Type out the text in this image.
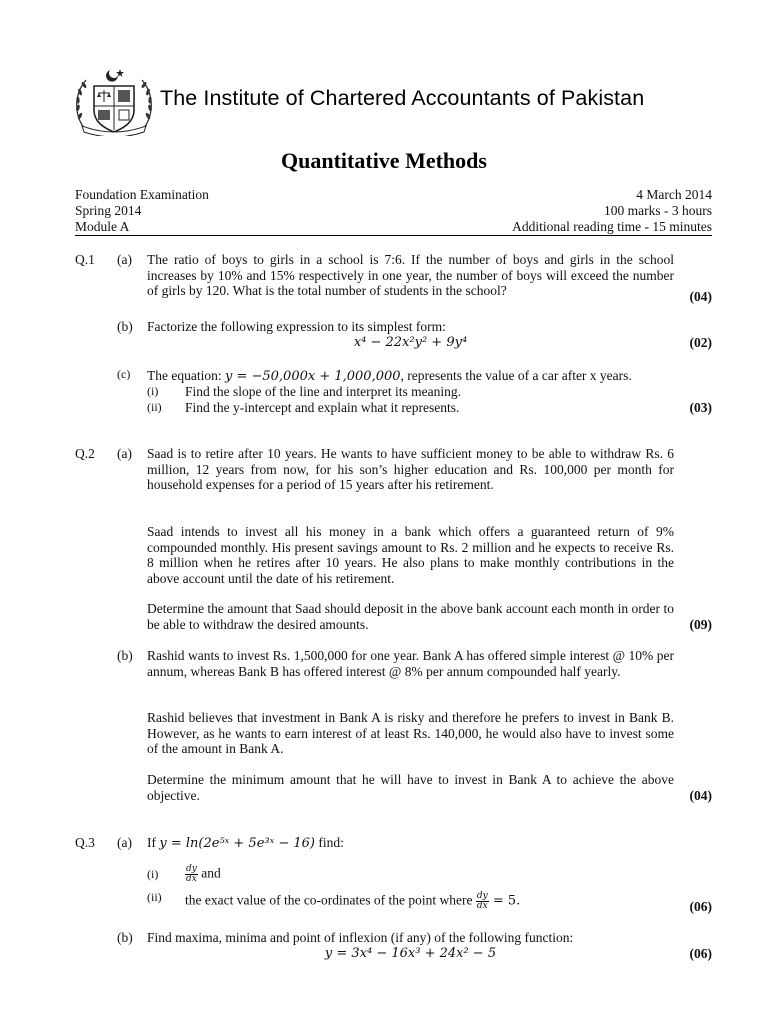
The Institute of Chartered Accountants of Pakistan
Quantitative Methods
Foundation Examination	4 March 2014
Spring 2014	100 marks - 3 hours
Module A	Additional reading time - 15 minutes
Q.1 (a) The ratio of boys to girls in a school is 7:6. If the number of boys and girls in the school increases by 10% and 15% respectively in one year, the number of boys will exceed the number of girls by 120. What is the total number of students in the school?	(04)
(b) Factorize the following expression to its simplest form:
x⁴ − 22x²y² + 9y⁴	(02)
(c) The equation: y = −50,000x + 1,000,000, represents the value of a car after x years.
(i) Find the slope of the line and interpret its meaning.
(ii) Find the y-intercept and explain what it represents.	(03)
Q.2 (a) Saad is to retire after 10 years. He wants to have sufficient money to be able to withdraw Rs. 6 million, 12 years from now, for his son’s higher education and Rs. 100,000 per month for household expenses for a period of 15 years after his retirement.
Saad intends to invest all his money in a bank which offers a guaranteed return of 9% compounded monthly. His present savings amount to Rs. 2 million and he expects to receive Rs. 8 million when he retires after 10 years. He also plans to make monthly contributions in the above account until the date of his retirement.
Determine the amount that Saad should deposit in the above bank account each month in order to be able to withdraw the desired amounts.	(09)
(b) Rashid wants to invest Rs. 1,500,000 for one year. Bank A has offered simple interest @ 10% per annum, whereas Bank B has offered interest @ 8% per annum compounded half yearly.
Rashid believes that investment in Bank A is risky and therefore he prefers to invest in Bank B. However, as he wants to earn interest of at least Rs. 140,000, he would also have to invest some of the amount in Bank A.
Determine the minimum amount that he will have to invest in Bank A to achieve the above objective.	(04)
Q.3 (a) If y = ln(2e⁵ˣ + 5e³ˣ − 16) find:
(i)	$\frac{dy}{dx}$ and
(ii) the exact value of the co-ordinates of the point where $\frac{dy}{dx} = 5$.	(06)
(b) Find maxima, minima and point of inflexion (if any) of the following function:
y = 3x⁴ − 16x³ + 24x² − 5	(06)
